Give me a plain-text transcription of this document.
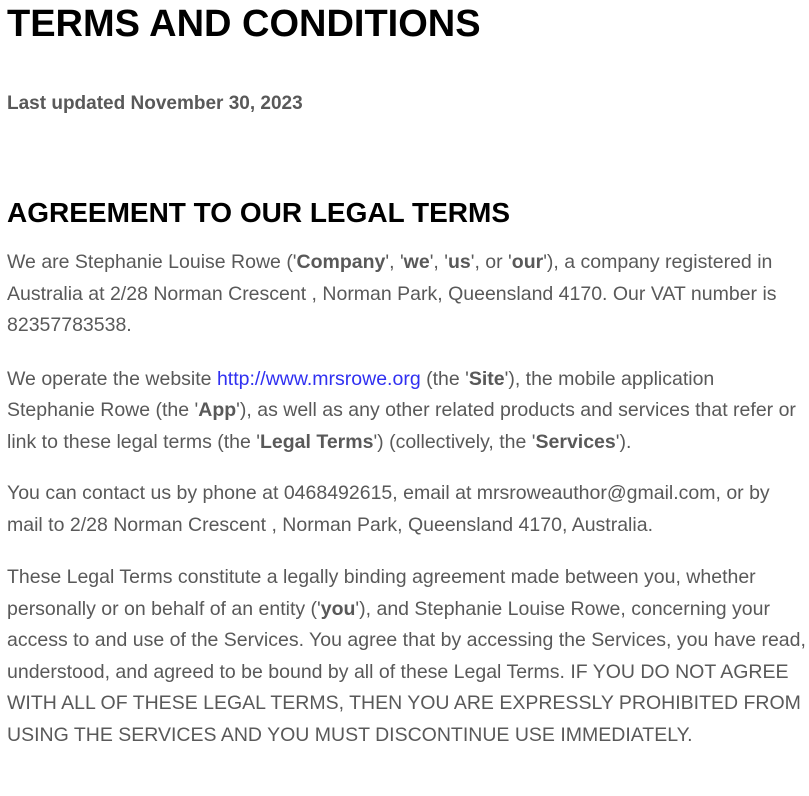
TERMS AND CONDITIONS
Last updated November 30, 2023
AGREEMENT TO OUR LEGAL TERMS

We are Stephanie Louise Rowe ('Company', 'we', 'us', or 'our'), a company registered in Australia at 2/28 Norman Crescent , Norman Park, Queensland 4170. Our VAT number is 82357783538.

We operate the website http://www.mrsrowe.org (the 'Site'), the mobile application Stephanie Rowe (the 'App'), as well as any other related products and services that refer or link to these legal terms (the 'Legal Terms') (collectively, the 'Services').

You can contact us by phone at 0468492615, email at mrsroweauthor@gmail.com, or by mail to 2/28 Norman Crescent , Norman Park, Queensland 4170, Australia.

These Legal Terms constitute a legally binding agreement made between you, whether personally or on behalf of an entity ('you'), and Stephanie Louise Rowe, concerning your access to and use of the Services. You agree that by accessing the Services, you have read, understood, and agreed to be bound by all of these Legal Terms. IF YOU DO NOT AGREE WITH ALL OF THESE LEGAL TERMS, THEN YOU ARE EXPRESSLY PROHIBITED FROM USING THE SERVICES AND YOU MUST DISCONTINUE USE IMMEDIATELY.
